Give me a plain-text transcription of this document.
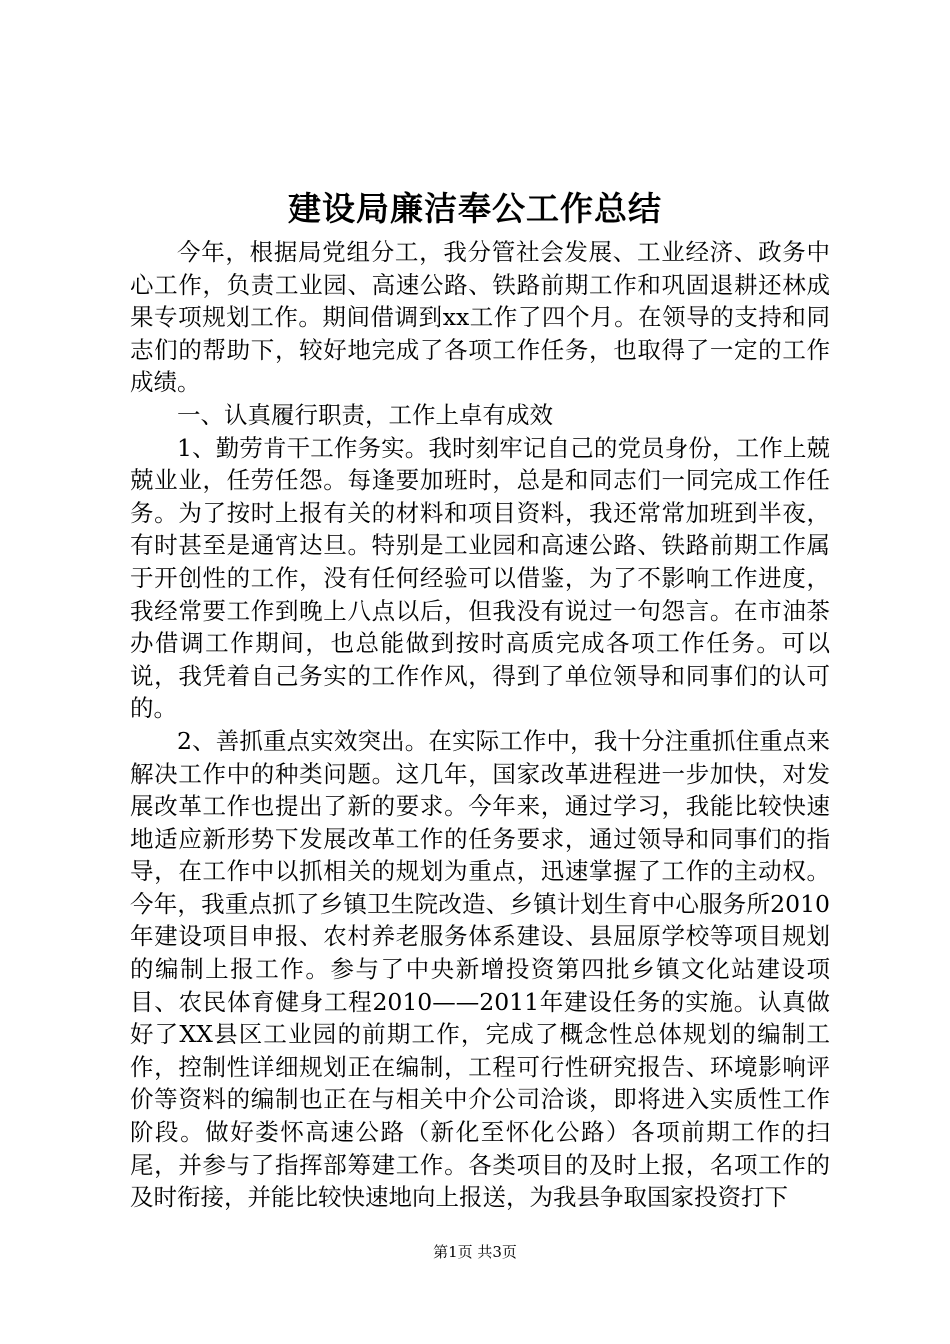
建设局廉洁奉公工作总结

今年，根据局党组分工，我分管社会发展、工业经济、政务中心工作，负责工业园、高速公路、铁路前期工作和巩固退耕还林成果专项规划工作。期间借调到xx工作了四个月。在领导的支持和同志们的帮助下，较好地完成了各项工作任务，也取得了一定的工作成绩。

一、认真履行职责，工作上卓有成效

1、勤劳肯干工作务实。我时刻牢记自己的党员身份，工作上兢兢业业，任劳任怨。每逢要加班时，总是和同志们一同完成工作任务。为了按时上报有关的材料和项目资料，我还常常加班到半夜，有时甚至是通宵达旦。特别是工业园和高速公路、铁路前期工作属于开创性的工作，没有任何经验可以借鉴，为了不影响工作进度，我经常要工作到晚上八点以后，但我没有说过一句怨言。在市油茶办借调工作期间，也总能做到按时高质完成各项工作任务。可以说，我凭着自己务实的工作作风，得到了单位领导和同事们的认可的。

2、善抓重点实效突出。在实际工作中，我十分注重抓住重点来解决工作中的种类问题。这几年，国家改革进程进一步加快，对发展改革工作也提出了新的要求。今年来，通过学习，我能比较快速地适应新形势下发展改革工作的任务要求，通过领导和同事们的指导，在工作中以抓相关的规划为重点，迅速掌握了工作的主动权。今年，我重点抓了乡镇卫生院改造、乡镇计划生育中心服务所2010年建设项目申报、农村养老服务体系建设、县屈原学校等项目规划的编制上报工作。参与了中央新增投资第四批乡镇文化站建设项目、农民体育健身工程2010——2011年建设任务的实施。认真做好了XX县区工业园的前期工作，完成了概念性总体规划的编制工作，控制性详细规划正在编制，工程可行性研究报告、环境影响评价等资料的编制也正在与相关中介公司洽谈，即将进入实质性工作阶段。做好娄怀高速公路（新化至怀化公路）各项前期工作的扫尾，并参与了指挥部筹建工作。各类项目的及时上报，名项工作的及时衔接，并能比较快速地向上报送，为我县争取国家投资打下

第1页 共3页
